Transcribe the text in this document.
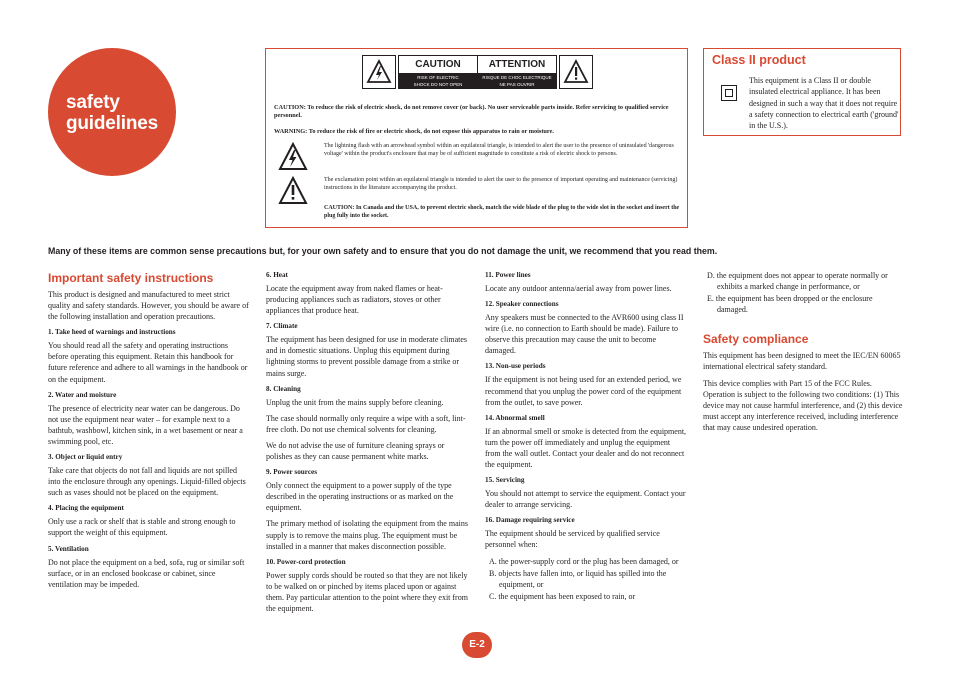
safety
guidelines
CAUTION
RISK OF ELECTRIC
SHOCK DO NOT OPEN
ATTENTION
RISQUE DE CHOC ELECTRIQUE
NE PAS OUVRIR
CAUTION: To reduce the risk of electric shock, do not remove cover (or back). No user serviceable parts inside. Refer servicing to qualified service personnel.
WARNING: To reduce the risk of fire or electric shock, do not expose this apparatus to rain or moisture.
The lightning flash with an arrowhead symbol within an equilateral triangle, is intended to alert the user to the presence of uninsulated 'dangerous voltage' within the product's enclosure that may be of sufficient magnitude to constitute a risk of electric shock to persons.
The exclamation point within an equilateral triangle is intended to alert the user to the presence of important operating and maintenance (servicing) instructions in the literature accompanying the product.
CAUTION: In Canada and the USA, to prevent electric shock, match the wide blade of the plug to the wide slot in the socket and insert the plug fully into the socket.
Class II product
This equipment is a Class II or double insulated electrical appliance. It has been designed in such a way that it does not require a safety connection to electrical earth ('ground' in the U.S.).
Many of these items are common sense precautions but, for your own safety and to ensure that you do not damage the unit, we recommend that you read them.
Important safety instructions

This product is designed and manufactured to meet strict quality and safety standards. However, you should be aware of the following installation and operation precautions.

1. Take heed of warnings and instructions

You should read all the safety and operating instructions before operating this equipment. Retain this handbook for future reference and adhere to all warnings in the handbook or on the equipment.

2. Water and moisture

The presence of electricity near water can be dangerous. Do not use the equipment near water – for example next to a bathtub, washbowl, kitchen sink, in a wet basement or near a swimming pool, etc.

3. Object or liquid entry

Take care that objects do not fall and liquids are not spilled into the enclosure through any openings. Liquid-filled objects such as vases should not be placed on the equipment.

4. Placing the equipment

Only use a rack or shelf that is stable and strong enough to support the weight of this equipment.

5. Ventilation

Do not place the equipment on a bed, sofa, rug or similar soft surface, or in an enclosed bookcase or cabinet, since ventilation may be impeded.

6. Heat

Locate the equipment away from naked flames or heat-producing appliances such as radiators, stoves or other appliances that produce heat.

7. Climate

The equipment has been designed for use in moderate climates and in domestic situations. Unplug this equipment during lightning storms to prevent possible damage from a strike or mains surge.

8. Cleaning

Unplug the unit from the mains supply before cleaning.

The case should normally only require a wipe with a soft, lint-free cloth. Do not use chemical solvents for cleaning.

We do not advise the use of furniture cleaning sprays or polishes as they can cause permanent white marks.

9. Power sources

Only connect the equipment to a power supply of the type described in the operating instructions or as marked on the equipment.

The primary method of isolating the equipment from the mains supply is to remove the mains plug. The equipment must be installed in a manner that makes disconnection possible.

10. Power-cord protection

Power supply cords should be routed so that they are not likely to be walked on or pinched by items placed upon or against them. Pay particular attention to the point where they exit from the equipment.

11. Power lines

Locate any outdoor antenna/aerial away from power lines.

12. Speaker connections

Any speakers must be connected to the AVR600 using class II wire (i.e. no connection to Earth should be made). Failure to observe this precaution may cause the unit to become damaged.

13. Non-use periods

If the equipment is not being used for an extended period, we recommend that you unplug the power cord of the equipment from the outlet, to save power.

14. Abnormal smell

If an abnormal smell or smoke is detected from the equipment, turn the power off immediately and unplug the equipment from the wall outlet. Contact your dealer and do not reconnect the equipment.

15. Servicing

You should not attempt to service the equipment. Contact your dealer to arrange servicing.

16. Damage requiring service

The equipment should be serviced by qualified service personnel when:

A. the power-supply cord or the plug has been damaged, or
B. objects have fallen into, or liquid has spilled into the equipment, or
C. the equipment has been exposed to rain, or
D. the equipment does not appear to operate normally or exhibits a marked change in performance, or
E. the equipment has been dropped or the enclosure damaged.
Safety compliance

This equipment has been designed to meet the IEC/EN 60065 international electrical safety standard.

This device complies with Part 15 of the FCC Rules. Operation is subject to the following two conditions: (1) This device may not cause harmful interference, and (2) this device must accept any interference received, including interference that may cause undesired operation.

E-2
